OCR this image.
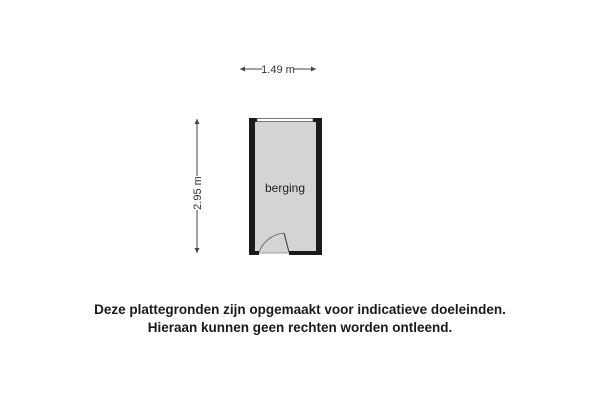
1.49 m
2.95 m	berging
Deze plattegronden zijn opgemaakt voor indicatieve doeleinden.
Hieraan kunnen geen rechten worden ontleend.
